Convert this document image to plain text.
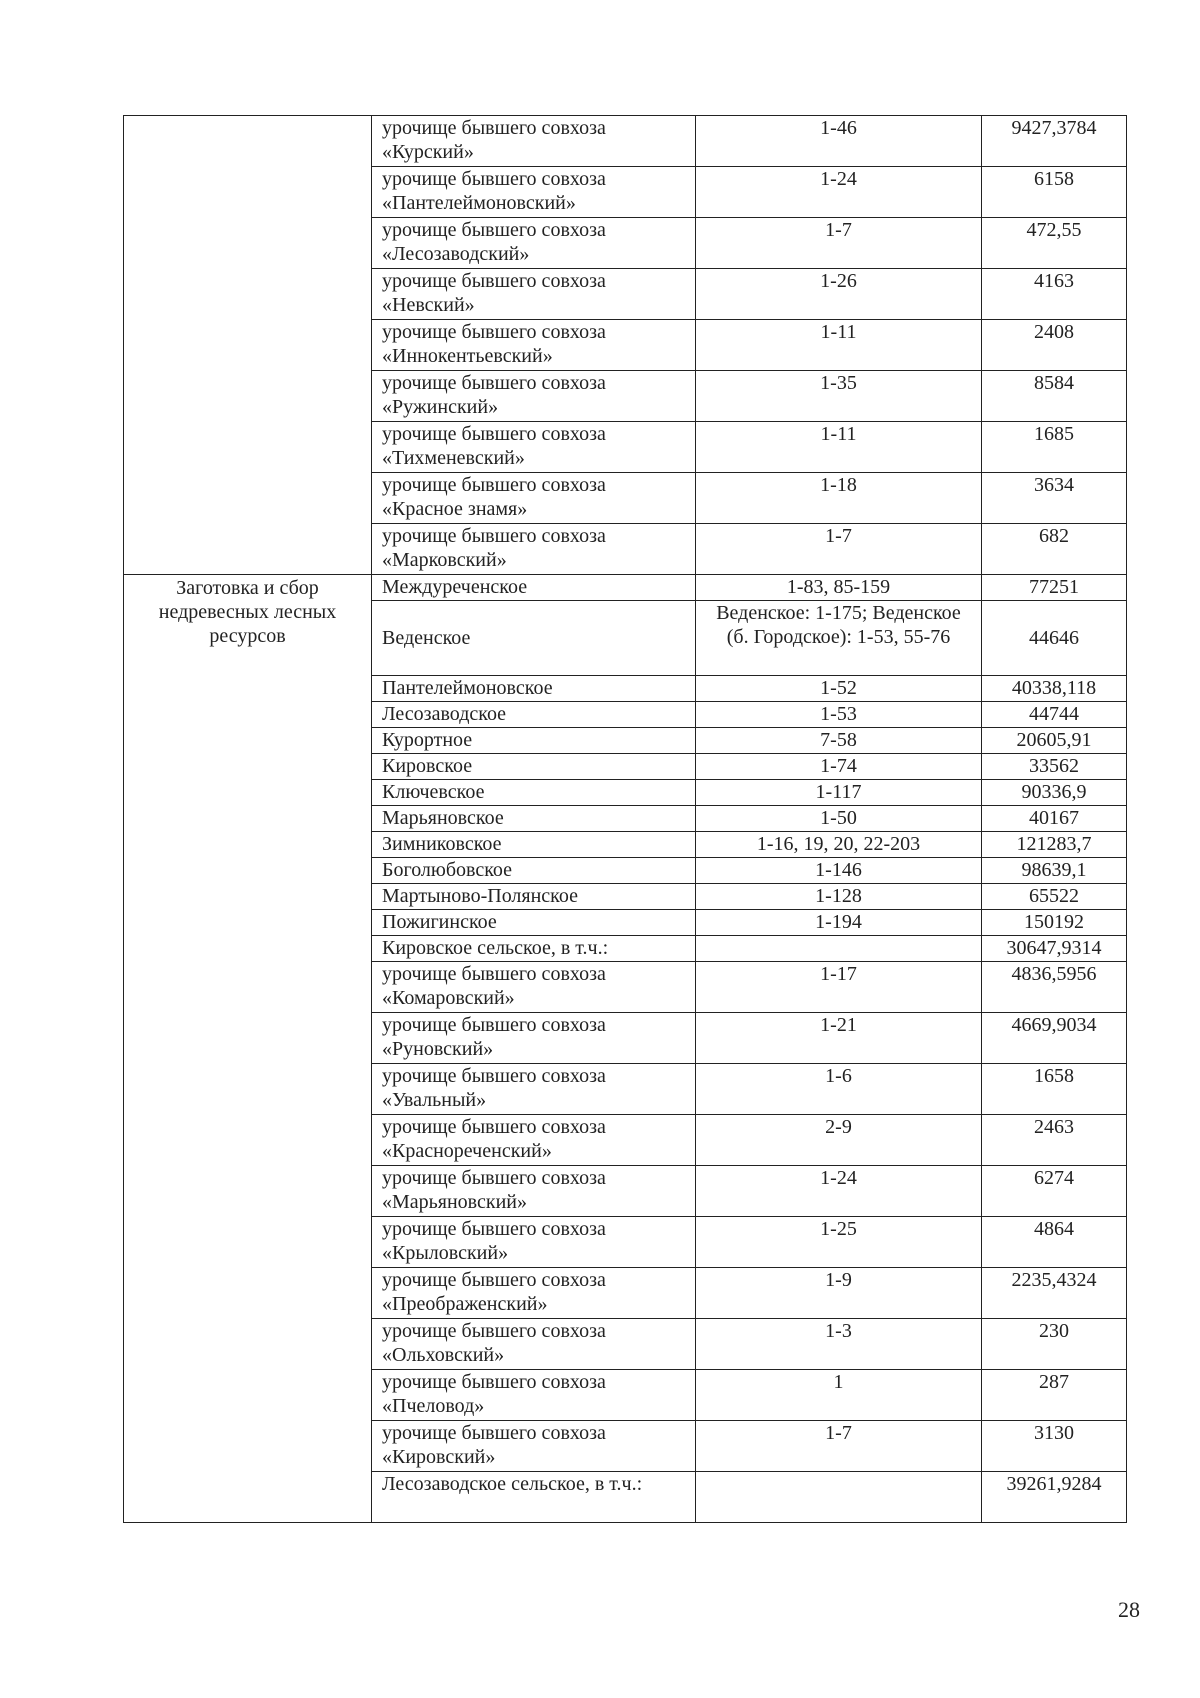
	урочище бывшего совхоза «Курский»	1-46	9427,3784
	урочище бывшего совхоза «Пантелеймоновский»	1-24	6158
	урочище бывшего совхоза «Лесозаводский»	1-7	472,55
	урочище бывшего совхоза «Невский»	1-26	4163
	урочище бывшего совхоза «Иннокентьевский»	1-11	2408
	урочище бывшего совхоза «Ружинский»	1-35	8584
	урочище бывшего совхоза «Тихменевский»	1-11	1685
	урочище бывшего совхоза «Красное знамя»	1-18	3634
	урочище бывшего совхоза «Марковский»	1-7	682
Заготовка и сбор недревесных лесных ресурсов	Междуреченское	1-83, 85-159	77251
	Веденское	Веденское: 1-175; Веденское (б. Городское): 1-53, 55-76	44646
	Пантелеймоновское	1-52	40338,118
	Лесозаводское	1-53	44744
	Курортное	7-58	20605,91
	Кировское	1-74	33562
	Ключевское	1-117	90336,9
	Марьяновское	1-50	40167
	Зимниковское	1-16, 19, 20, 22-203	121283,7
	Боголюбовское	1-146	98639,1
	Мартыново-Полянское	1-128	65522
	Пожигинское	1-194	150192
	Кировское сельское, в т.ч.:		30647,9314
	урочище бывшего совхоза «Комаровский»	1-17	4836,5956
	урочище бывшего совхоза «Руновский»	1-21	4669,9034
	урочище бывшего совхоза «Увальный»	1-6	1658
	урочище бывшего совхоза «Краснореченский»	2-9	2463
	урочище бывшего совхоза «Марьяновский»	1-24	6274
	урочище бывшего совхоза «Крыловский»	1-25	4864
	урочище бывшего совхоза «Преображенский»	1-9	2235,4324
	урочище бывшего совхоза «Ольховский»	1-3	230
	урочище бывшего совхоза «Пчеловод»	1	287
	урочище бывшего совхоза «Кировский»	1-7	3130
	Лесозаводское сельское, в т.ч.:		39261,9284
28
